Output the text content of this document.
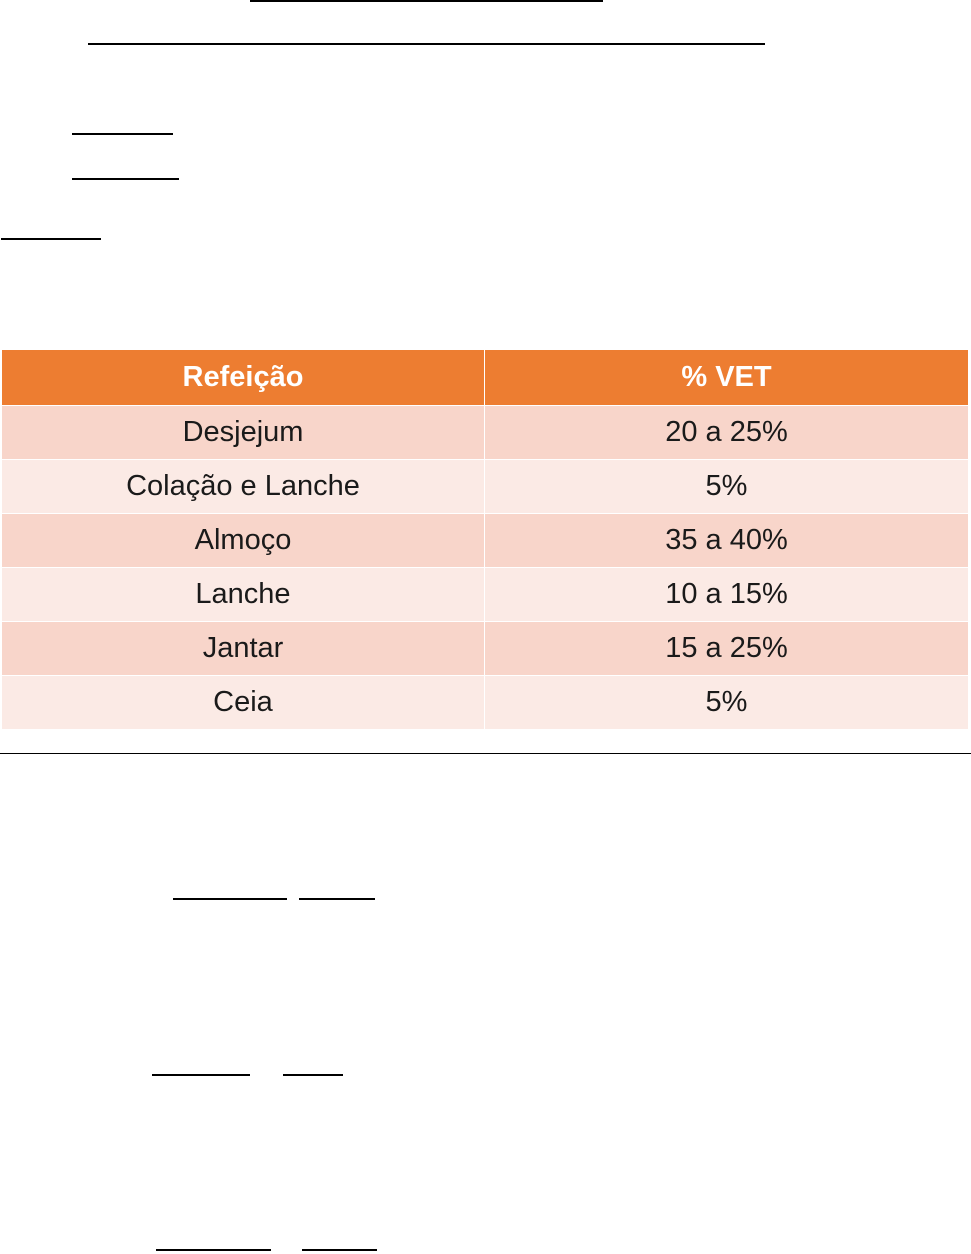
Refeição	% VET
Desjejum	20 a 25%
Colação e Lanche	5%
Almoço	35 a 40%
Lanche	10 a 15%
Jantar	15 a 25%
Ceia	5%
